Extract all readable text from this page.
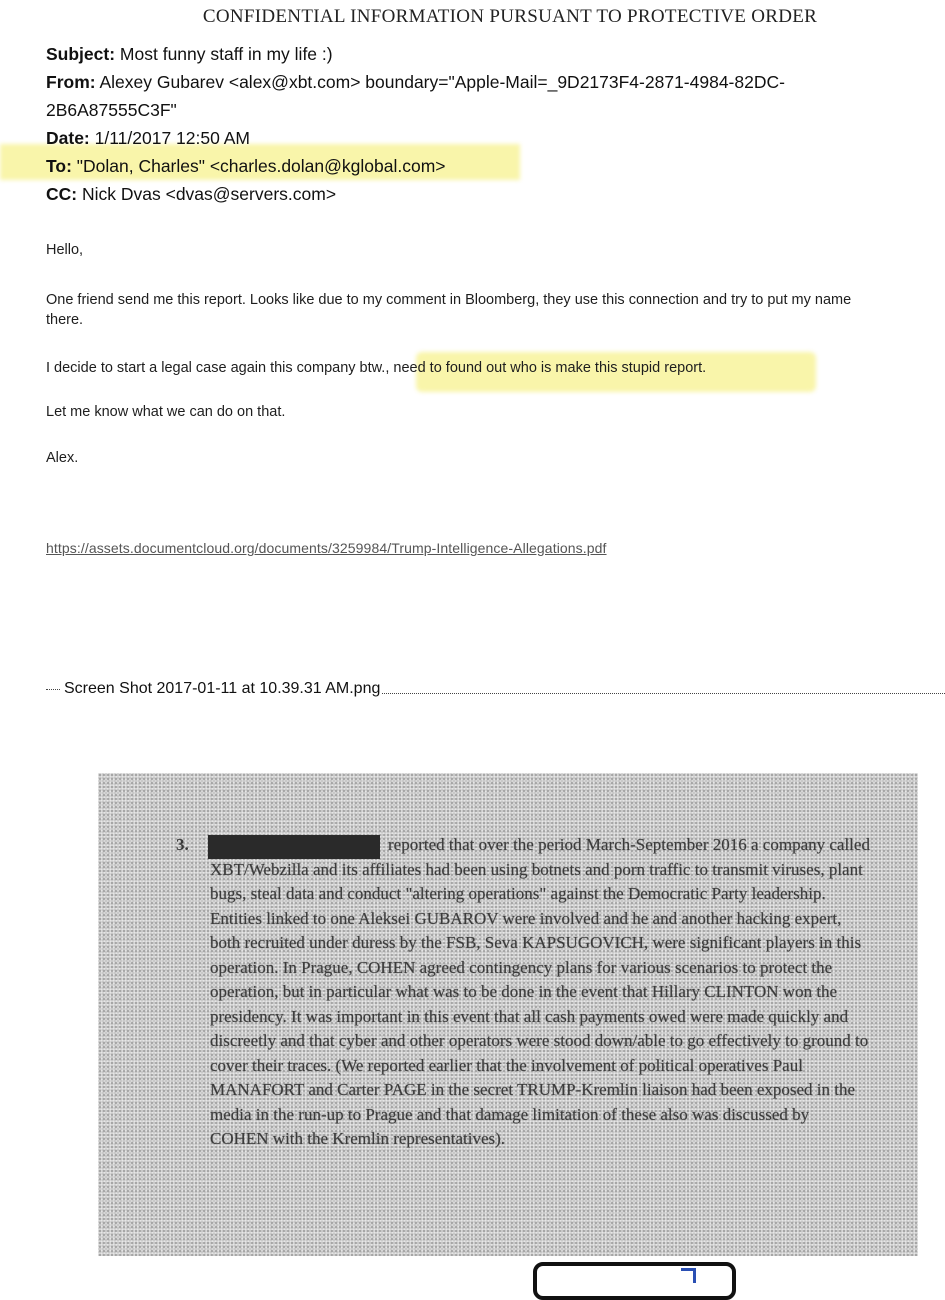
CONFIDENTIAL INFORMATION PURSUANT TO PROTECTIVE ORDER
Subject: Most funny staff in my life :)
From: Alexey Gubarev <alex@xbt.com> boundary="Apple-Mail=_9D2173F4-2871-4984-82DC-
2B6A87555C3F"
Date: 1/11/2017 12:50 AM
To: "Dolan, Charles" <charles.dolan@kglobal.com>
CC: Nick Dvas <dvas@servers.com>

Hello,

One friend send me this report. Looks like due to my comment in Bloomberg, they use this connection and try to put my name

there.

I decide to start a legal case again this company btw., need to found out who is make this stupid report.

Let me know what we can do on that.

Alex.

https://assets.documentcloud.org/documents/3259984/Trump-Intelligence-Allegations.pdf
Screen Shot 2017-01-11 at 10.39.31 AM.png
reported that over the period March-September 2016 a company called XBT/Webzilla and its affiliates had been using botnets and porn traffic to transmit viruses, plant bugs, steal data and conduct "altering operations" against the Democratic Party leadership. Entities linked to one Aleksei GUBAROV were involved and he and another hacking expert, both recruited under duress by the FSB, Seva KAPSUGOVICH, were significant players in this operation. In Prague, COHEN agreed contingency plans for various scenarios to protect the operation, but in particular what was to be done in the event that Hillary CLINTON won the presidency. It was important in this event that all cash payments owed were made quickly and discreetly and that cyber and other operators were stood down/able to go effectively to ground to cover their traces. (We reported earlier that the involvement of political operatives Paul MANAFORT and Carter PAGE in the secret TRUMP-Kremlin liaison had been exposed in the media in the run-up to Prague and that damage limitation of these also was discussed by COHEN with the Kremlin representatives).
3.
